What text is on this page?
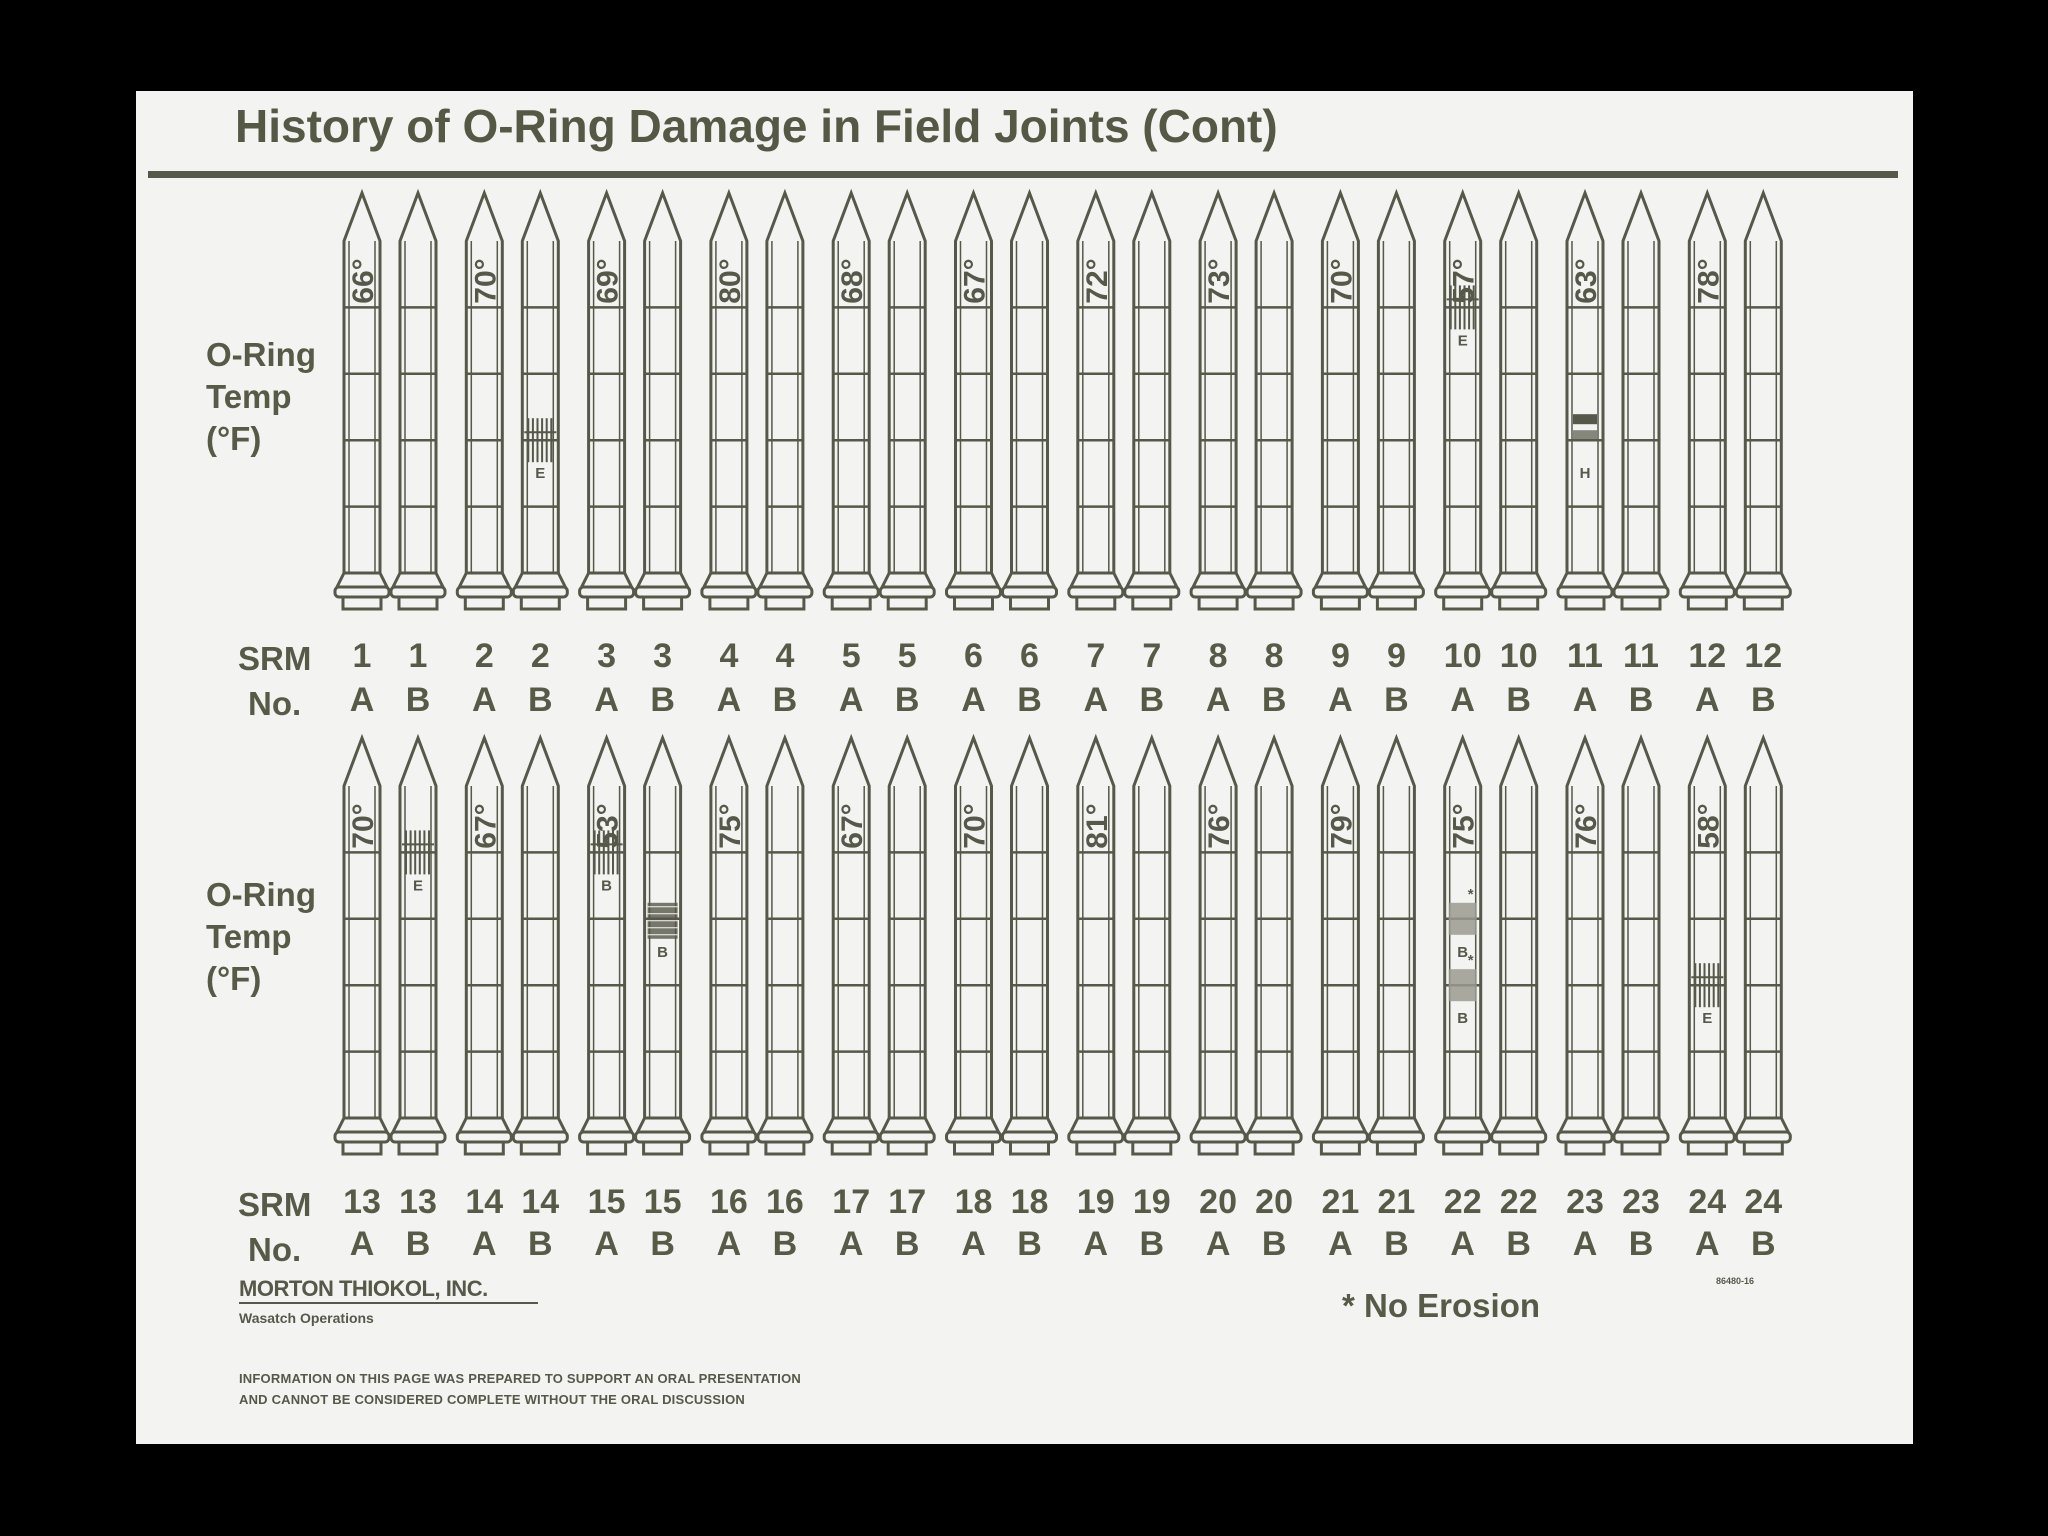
History of O-Ring Damage in Field Joints (Cont)
O-Ring
Temp
(°F)
O-Ring
Temp
(°F)
SRM
No.
SRM
No.
66°
1
A
1
B
70°
2
A
E
2
B
69°
3
A
3
B
80°
4
A
4
B
68°
5
A
5
B
67°
6
A
6
B
72°
7
A
7
B
73°
8
A
8
B
70°
9
A
9
B
57°
E
10
A
10
B
63°
H
11
A
11
B
78°
12
A
12
B
70°
13
A
E
13
B
67°
14
A
14
B
53°
B
15
A
B
15
B
75°
16
A
16
B
67°
17
A
17
B
70°
18
A
18
B
81°
19
A
19
B
76°
20
A
20
B
79°
21
A
21
B
75°
*
B *
B
22
A
22
B
76°
23
A
23
B
58°
E
24
A
24
B
MORTON THIOKOL, INC.
Wasatch Operations	* No Erosion
86480-16
INFORMATION ON THIS PAGE WAS PREPARED TO SUPPORT AN ORAL PRESENTATION
AND CANNOT BE CONSIDERED COMPLETE WITHOUT THE ORAL DISCUSSION
